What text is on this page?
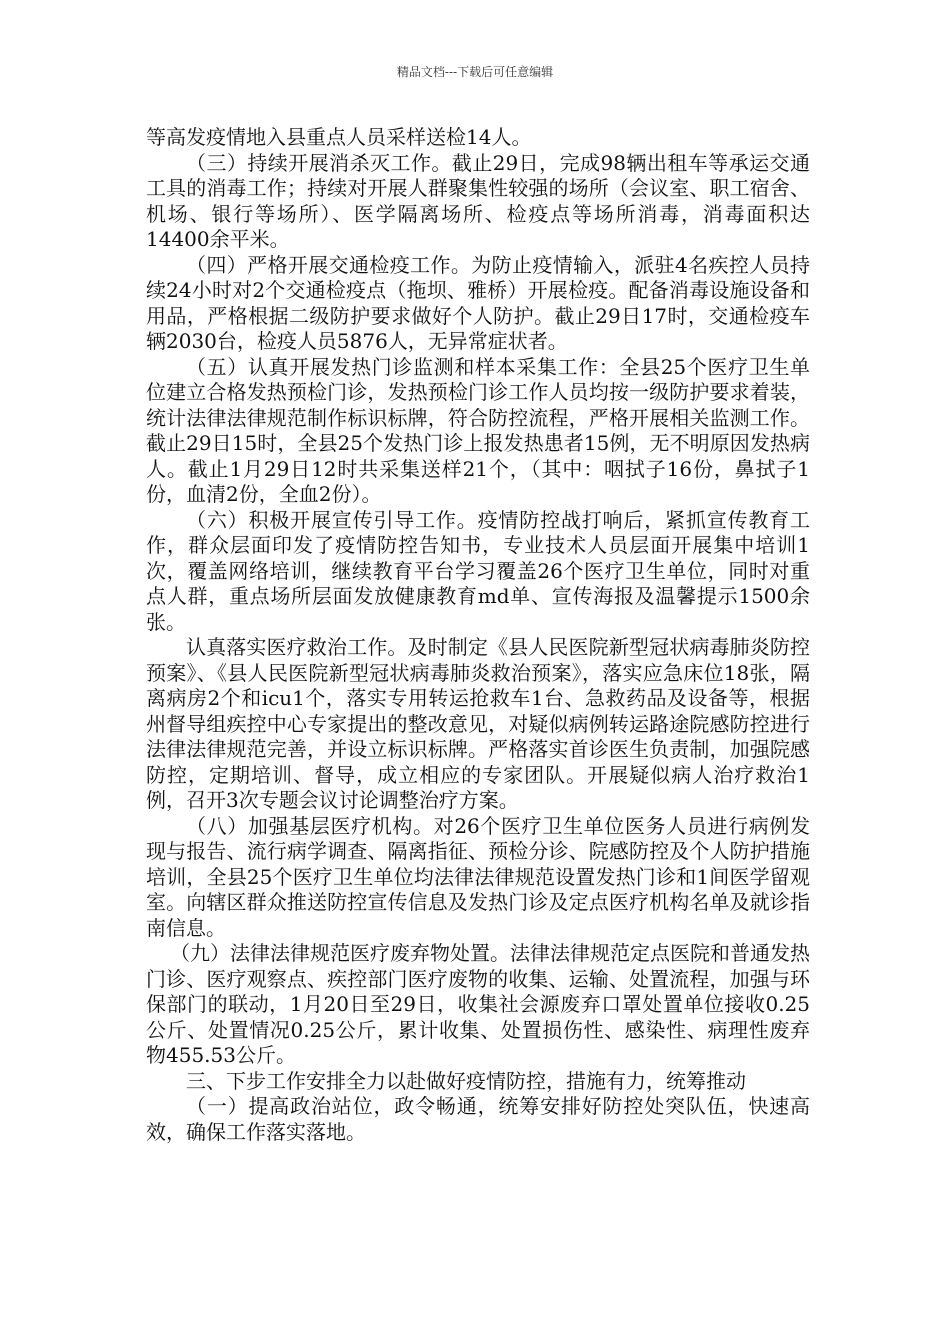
精品文档---下载后可任意编辑

等高发疫情地入县重点人员采样送检14人。

（三）持续开展消杀灭工作。截止29日，完成98辆出租车等承运交通工具的消毒工作；持续对开展人群聚集性较强的场所（会议室、职工宿舍、机场、银行等场所）、医学隔离场所、检疫点等场所消毒，消毒面积达14400余平米。

（四）严格开展交通检疫工作。为防止疫情输入，派驻4名疾控人员持续24小时对2个交通检疫点（拖坝、雅桥）开展检疫。配备消毒设施设备和用品，严格根据二级防护要求做好个人防护。截止29日17时，交通检疫车辆2030台，检疫人员5876人，无异常症状者。

（五）认真开展发热门诊监测和样本采集工作：全县25个医疗卫生单位建立合格发热预检门诊，发热预检门诊工作人员均按一级防护要求着装，统计法律法律规范制作标识标牌，符合防控流程，严格开展相关监测工作。截止29日15时，全县25个发热门诊上报发热患者15例，无不明原因发热病人。截止1月29日12时共采集送样21个，（其中：咽拭子16份，鼻拭子1份，血清2份，全血2份）。

（六）积极开展宣传引导工作。疫情防控战打响后，紧抓宣传教育工作，群众层面印发了疫情防控告知书，专业技术人员层面开展集中培训1次，覆盖网络培训，继续教育平台学习覆盖26个医疗卫生单位，同时对重点人群，重点场所层面发放健康教育md单、宣传海报及温馨提示1500余张。

认真落实医疗救治工作。及时制定《县人民医院新型冠状病毒肺炎防控预案》、《县人民医院新型冠状病毒肺炎救治预案》，落实应急床位18张，隔离病房2个和icu1个，落实专用转运抢救车1台、急救药品及设备等，根据州督导组疾控中心专家提出的整改意见，对疑似病例转运路途院感防控进行法律法律规范完善，并设立标识标牌。严格落实首诊医生负责制，加强院感防控，定期培训、督导，成立相应的专家团队。开展疑似病人治疗救治1例，召开3次专题会议讨论调整治疗方案。

（八）加强基层医疗机构。对26个医疗卫生单位医务人员进行病例发现与报告、流行病学调查、隔离指征、预检分诊、院感防控及个人防护措施培训，全县25个医疗卫生单位均法律法律规范设置发热门诊和1间医学留观室。向辖区群众推送防控宣传信息及发热门诊及定点医疗机构名单及就诊指南信息。

（九）法律法律规范医疗废弃物处置。法律法律规范定点医院和普通发热门诊、医疗观察点、疾控部门医疗废物的收集、运输、处置流程，加强与环保部门的联动，1月20日至29日，收集社会源废弃口罩处置单位接收0.25公斤、处置情况0.25公斤，累计收集、处置损伤性、感染性、病理性废弃物455.53公斤。

三、下步工作安排全力以赴做好疫情防控，措施有力，统筹推动

（一）提高政治站位，政令畅通，统筹安排好防控处突队伍，快速高效，确保工作落实落地。
